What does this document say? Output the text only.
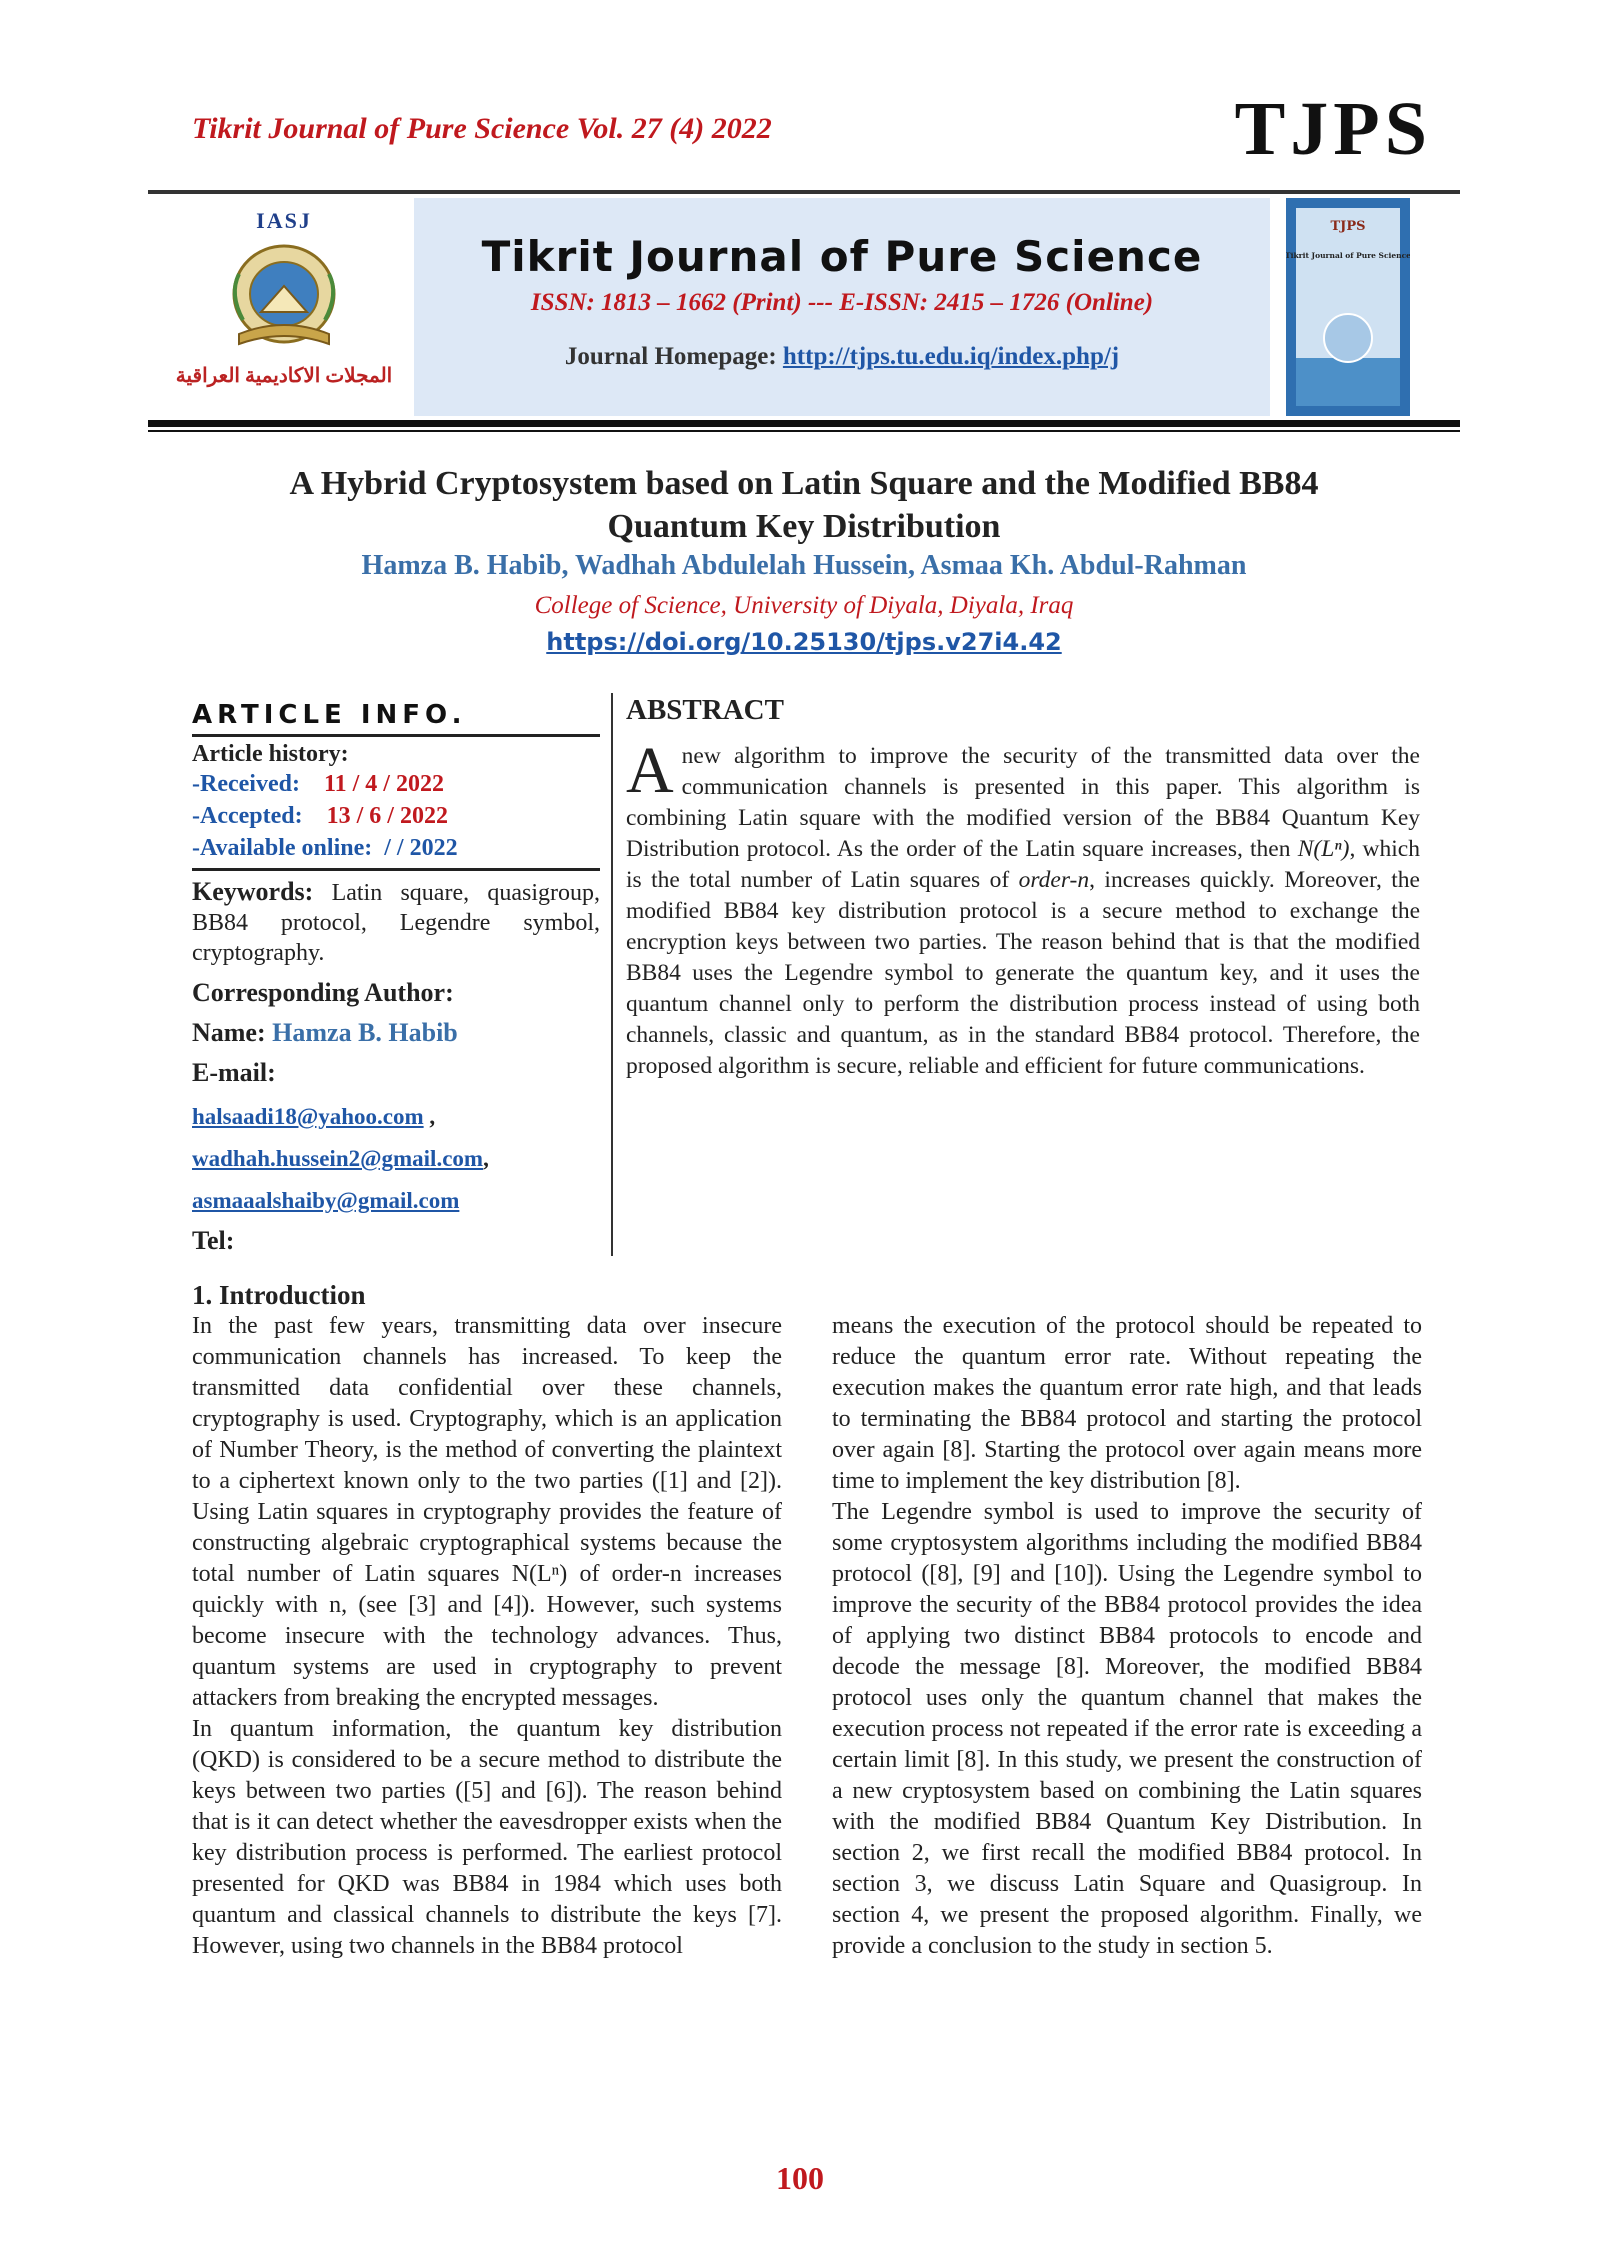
Tikrit Journal of Pure Science Vol. 27 (4) 2022	TJPS
IASJ
المجلات الاكاديمية العراقية
Tikrit Journal of Pure Science
ISSN: 1813 – 1662 (Print) --- E-ISSN: 2415 – 1726 (Online)
Journal Homepage: http://tjps.tu.edu.iq/index.php/j
TJPS
Tikrit Journal of Pure Science
A Hybrid Cryptosystem based on Latin Square and the Modified BB84
Quantum Key Distribution
Hamza B. Habib, Wadhah Abdulelah Hussein, Asmaa Kh. Abdul-Rahman
College of Science, University of Diyala, Diyala, Iraq
https://doi.org/10.25130/tjps.v27i4.42
ARTICLE INFO.
Article history:
-Received: 11 / 4 / 2022
-Accepted: 13 / 6 / 2022
-Available online: / / 2022
Keywords: Latin square, quasigroup, BB84 protocol, Legendre symbol, cryptography.
Corresponding Author:
Name: Hamza B. Habib
E-mail:
halsaadi18@yahoo.com ,
wadhah.hussein2@gmail.com,
asmaaalshaiby@gmail.com
Tel:
ABSTRACT
Anew algorithm to improve the security of the transmitted data over the communication channels is presented in this paper. This algorithm is combining Latin square with the modified version of the BB84 Quantum Key Distribution protocol. As the order of the Latin square increases, then N(Lⁿ), which is the total number of Latin squares of order-n, increases quickly. Moreover, the modified BB84 key distribution protocol is a secure method to exchange the encryption keys between two parties. The reason behind that is that the modified BB84 uses the Legendre symbol to generate the quantum key, and it uses the quantum channel only to perform the distribution process instead of using both channels, classic and quantum, as in the standard BB84 protocol. Therefore, the proposed algorithm is secure, reliable and efficient for future communications.
1. Introduction

In the past few years, transmitting data over insecure communication channels has increased. To keep the transmitted data confidential over these channels, cryptography is used. Cryptography, which is an application of Number Theory, is the method of converting the plaintext to a ciphertext known only to the two parties ([1] and [2]). Using Latin squares in cryptography provides the feature of constructing algebraic cryptographical systems because the total number of Latin squares N(Lⁿ) of order-n increases quickly with n, (see [3] and [4]). However, such systems become insecure with the technology advances. Thus, quantum systems are used in cryptography to prevent attackers from breaking the encrypted messages.

In quantum information, the quantum key distribution (QKD) is considered to be a secure method to distribute the keys between two parties ([5] and [6]). The reason behind that is it can detect whether the eavesdropper exists when the key distribution process is performed. The earliest protocol presented for QKD was BB84 in 1984 which uses both quantum and classical channels to distribute the keys [7]. However, using two channels in the BB84 protocol

means the execution of the protocol should be repeated to reduce the quantum error rate. Without repeating the execution makes the quantum error rate high, and that leads to terminating the BB84 protocol and starting the protocol over again [8]. Starting the protocol over again means more time to implement the key distribution [8].

The Legendre symbol is used to improve the security of some cryptosystem algorithms including the modified BB84 protocol ([8], [9] and [10]). Using the Legendre symbol to improve the security of the BB84 protocol provides the idea of applying two distinct BB84 protocols to encode and decode the message [8]. Moreover, the modified BB84 protocol uses only the quantum channel that makes the execution process not repeated if the error rate is exceeding a certain limit [8]. In this study, we present the construction of a new cryptosystem based on combining the Latin squares with the modified BB84 Quantum Key Distribution. In section 2, we first recall the modified BB84 protocol. In section 3, we discuss Latin Square and Quasigroup. In section 4, we present the proposed algorithm. Finally, we provide a conclusion to the study in section 5.

100
